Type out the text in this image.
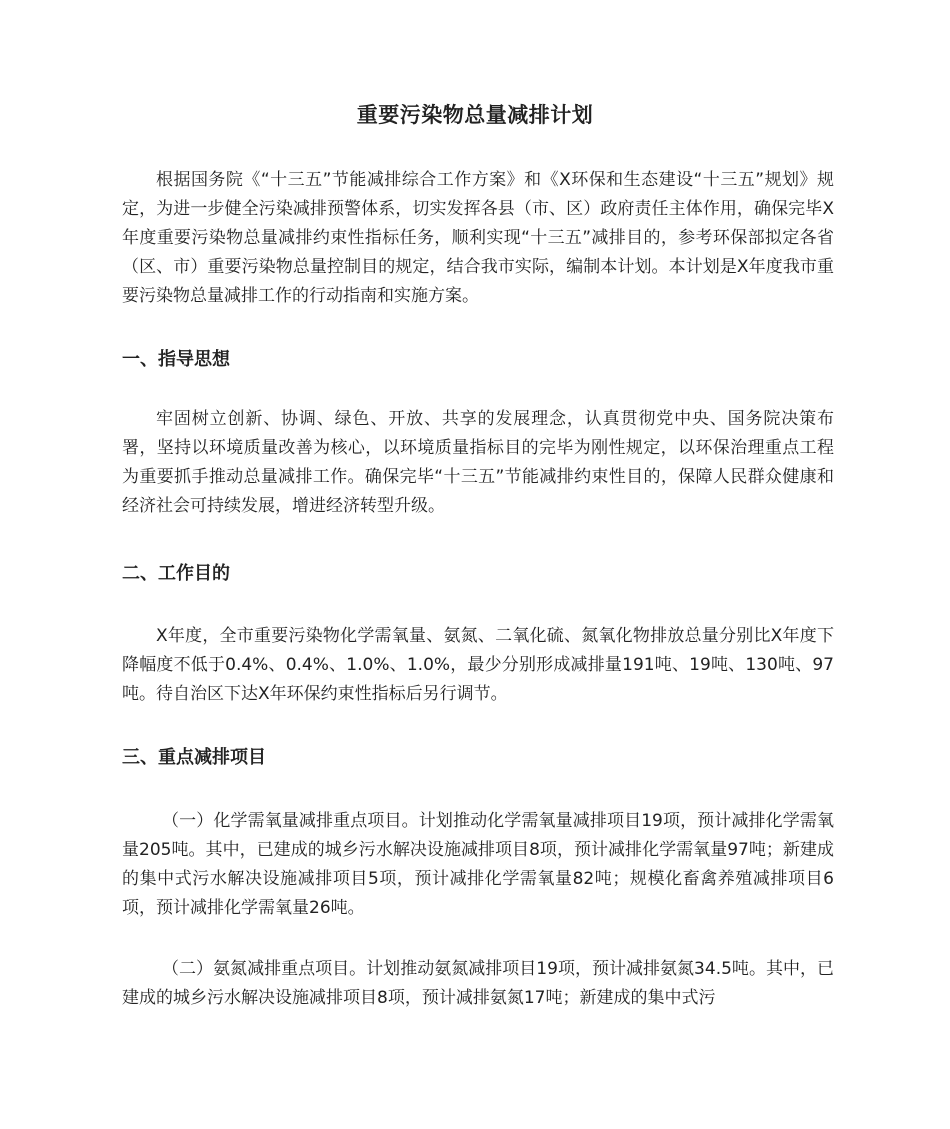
重要污染物总量减排计划

根据国务院《“十三五”节能减排综合工作方案》和《X环保和生态建设“十三五”规划》规定，为进一步健全污染减排预警体系，切实发挥各县（市、区）政府责任主体作用，确保完毕X年度重要污染物总量减排约束性指标任务，顺利实现“十三五”减排目的，参考环保部拟定各省（区、市）重要污染物总量控制目的规定，结合我市实际，编制本计划。本计划是X年度我市重要污染物总量减排工作的行动指南和实施方案。

一、指导思想

牢固树立创新、协调、绿色、开放、共享的发展理念，认真贯彻党中央、国务院决策布署，坚持以环境质量改善为核心，以环境质量指标目的完毕为刚性规定，以环保治理重点工程为重要抓手推动总量减排工作。确保完毕“十三五”节能减排约束性目的，保障人民群众健康和经济社会可持续发展，增进经济转型升级。

二、工作目的

X年度，全市重要污染物化学需氧量、氨氮、二氧化硫、氮氧化物排放总量分别比X年度下降幅度不低于0.4%、0.4%、1.0%、1.0%，最少分别形成减排量191吨、19吨、130吨、97吨。待自治区下达X年环保约束性指标后另行调节。

三、重点减排项目

（一）化学需氧量减排重点项目。计划推动化学需氧量减排项目19项，预计减排化学需氧量205吨。其中，已建成的城乡污水解决设施减排项目8项，预计减排化学需氧量97吨；新建成的集中式污水解决设施减排项目5项，预计减排化学需氧量82吨；规模化畜禽养殖减排项目6项，预计减排化学需氧量26吨。

（二）氨氮减排重点项目。计划推动氨氮减排项目19项，预计减排氨氮34.5吨。其中，已建成的城乡污水解决设施减排项目8项，预计减排氨氮17吨；新建成的集中式污
